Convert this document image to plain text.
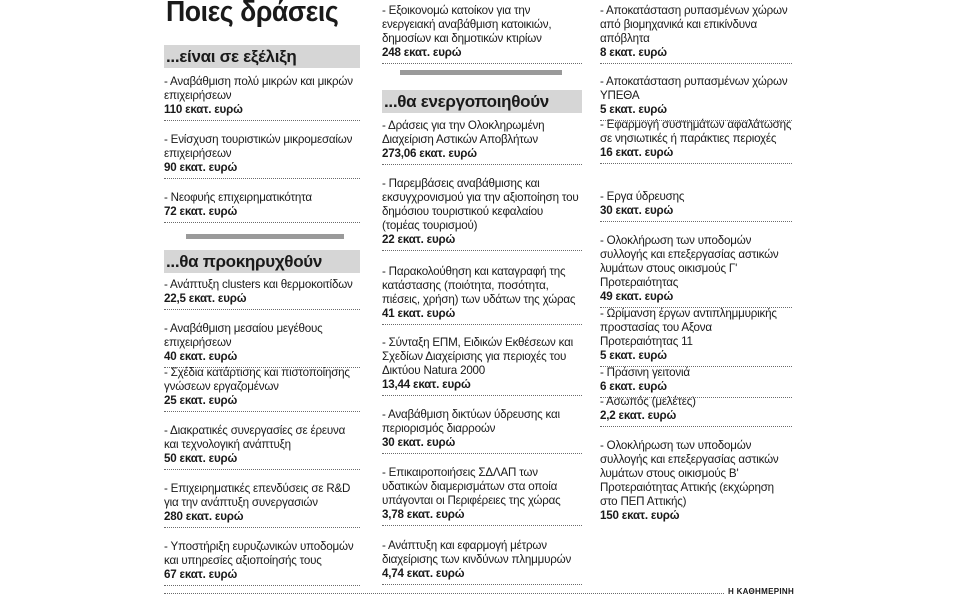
Ποιες δράσεις
...είναι σε εξέλιξη
- Αναβάθμιση πολύ μικρών και μικρών επιχειρήσεων
110 εκατ. ευρώ
- Ενίσχυση τουριστικών μικρομεσαίων επιχειρήσεων
90 εκατ. ευρώ
- Νεοφυής επιχειρηματικότητα
72 εκατ. ευρώ
...θα προκηρυχθούν
- Ανάπτυξη clusters και θερμοκοιτίδων
22,5 εκατ. ευρώ
- Αναβάθμιση μεσαίου μεγέθους επιχειρήσεων
40 εκατ. ευρώ
- Σχέδια κατάρτισης και πιστοποίησης γνώσεων εργαζομένων
25 εκατ. ευρώ
- Διακρατικές συνεργασίες σε έρευνα και τεχνολογική ανάπτυξη
50 εκατ. ευρώ
- Επιχειρηματικές επενδύσεις σε R&D για την ανάπτυξη συνεργασιών
280 εκατ. ευρώ
- Υποστήριξη ευρυζωνικών υποδομών και υπηρεσίες αξιοποίησής τους
67 εκατ. ευρώ
- Εξοικονομώ κατοίκον για την ενεργειακή αναβάθμιση κατοικιών, δημοσίων και δημοτικών κτιρίων
248 εκατ. ευρώ
...θα ενεργοποιηθούν
- Δράσεις για την Ολοκληρωμένη Διαχείριση Αστικών Αποβλήτων
273,06 εκατ. ευρώ
- Παρεμβάσεις αναβάθμισης και εκσυγχρονισμού για την αξιοποίηση του δημόσιου τουριστικού κεφαλαίου (τομέας τουρισμού)
22 εκατ. ευρώ
- Παρακολούθηση και καταγραφή της κατάστασης (ποιότητα, ποσότητα, πιέσεις, χρήση) των υδάτων της χώρας
41 εκατ. ευρώ
- Σύνταξη ΕΠΜ, Ειδικών Εκθέσεων και Σχεδίων Διαχείρισης για περιοχές του Δικτύου Natura 2000
13,44 εκατ. ευρώ
- Αναβάθμιση δικτύων ύδρευσης και περιορισμός διαρροών
30 εκατ. ευρώ
- Επικαιροποιήσεις ΣΔΛΑΠ των υδατικών διαμερισμάτων στα οποία υπάγονται οι Περιφέρειες της χώρας
3,78 εκατ. ευρώ
- Ανάπτυξη και εφαρμογή μέτρων διαχείρισης των κινδύνων πλημμυρών
4,74 εκατ. ευρώ
- Αποκατάσταση ρυπασμένων χώρων από βιομηχανικά και επικίνδυνα απόβλητα
8 εκατ. ευρώ
- Αποκατάσταση ρυπασμένων χώρων ΥΠΕΘΑ
5 εκατ. ευρώ
- Εφαρμογή συστημάτων αφαλάτωσης σε νησιωτικές ή παράκτιες περιοχές
16 εκατ. ευρώ
- Εργα ύδρευσης
30 εκατ. ευρώ
- Ολοκλήρωση των υποδομών συλλογής και επεξεργασίας αστικών λυμάτων στους οικισμούς Γ' Προτεραιότητας
49 εκατ. ευρώ
- Ωρίμανση έργων αντιπλημμυρικής προστασίας του Αξονα Προτεραιότητας 11
5 εκατ. ευρώ
- Πράσινη γειτονιά
6 εκατ. ευρώ
- Ασωπός (μελέτες)
2,2 εκατ. ευρώ
- Ολοκλήρωση των υποδομών συλλογής και επεξεργασίας αστικών λυμάτων στους οικισμούς Β' Προτεραιότητας Αττικής (εκχώρηση στο ΠΕΠ Αττικής)
150 εκατ. ευρώ
Η ΚΑΘΗΜΕΡΙΝΗ
